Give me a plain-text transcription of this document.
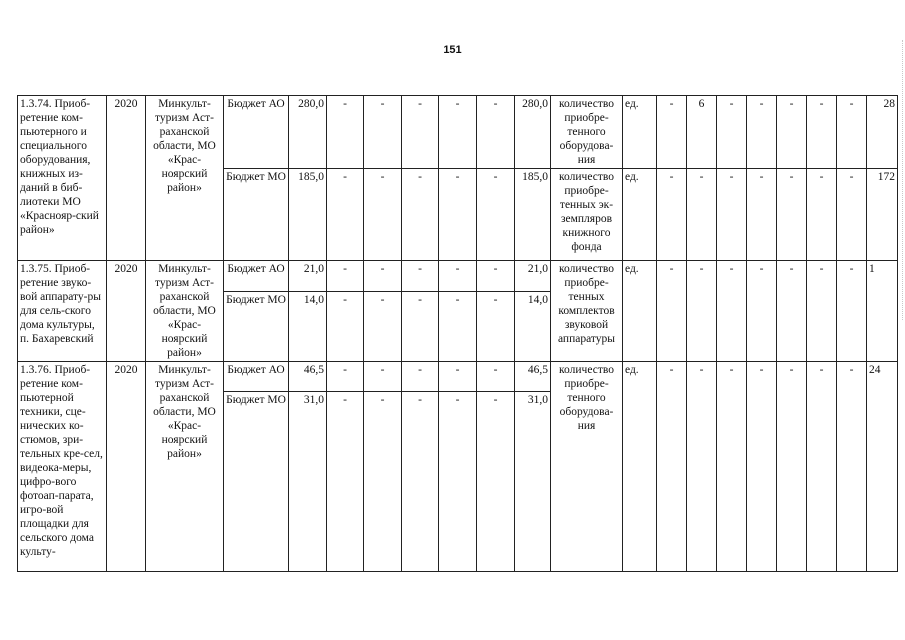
151
1.3.74. Приоб-ретение ком-пьютерного и специального оборудования, книжных из-даний в биб-лиотеки МО «Краснояр-ский район»	2020	Минкульт-туризм Аст-раханской области, МО «Крас-ноярский район»	Бюджет АО	280,0	-	-	-	-	-	280,0	количество приобре-тенного оборудова-ния	ед.	-	6	-	-	-	-	-	28
			Бюджет МО	185,0	-	-	-	-	-	185,0	количество приобре-тенных эк-земпляров книжного фонда	ед.	-	-	-	-	-	-	-	172
1.3.75. Приоб-ретение звуко-вой аппарату-ры для сель-ского дома культуры, п. Бахаревский	2020	Минкульт-туризм Аст-раханской области, МО «Крас-ноярский район»	Бюджет АО	21,0	-	-	-	-	-	21,0	количество приобре-тенных комплектов звуковой аппаратуры	ед.	-	-	-	-	-	-	-	1
			Бюджет МО	14,0	-	-	-	-	-	14,0										
1.3.76. Приоб-ретение ком-пьютерной техники, сце-нических ко-стюмов, зри-тельных кре-сел, видеока-меры, цифро-вого фотоап-парата, игро-вой площадки для сельского дома культу-	2020	Минкульт-туризм Аст-раханской области, МО «Крас-ноярский район»	Бюджет АО	46,5	-	-	-	-	-	46,5	количество приобре-тенного оборудова-ния	ед.	-	-	-	-	-	-	-	24
			Бюджет МО	31,0	-	-	-	-	-	31,0										
